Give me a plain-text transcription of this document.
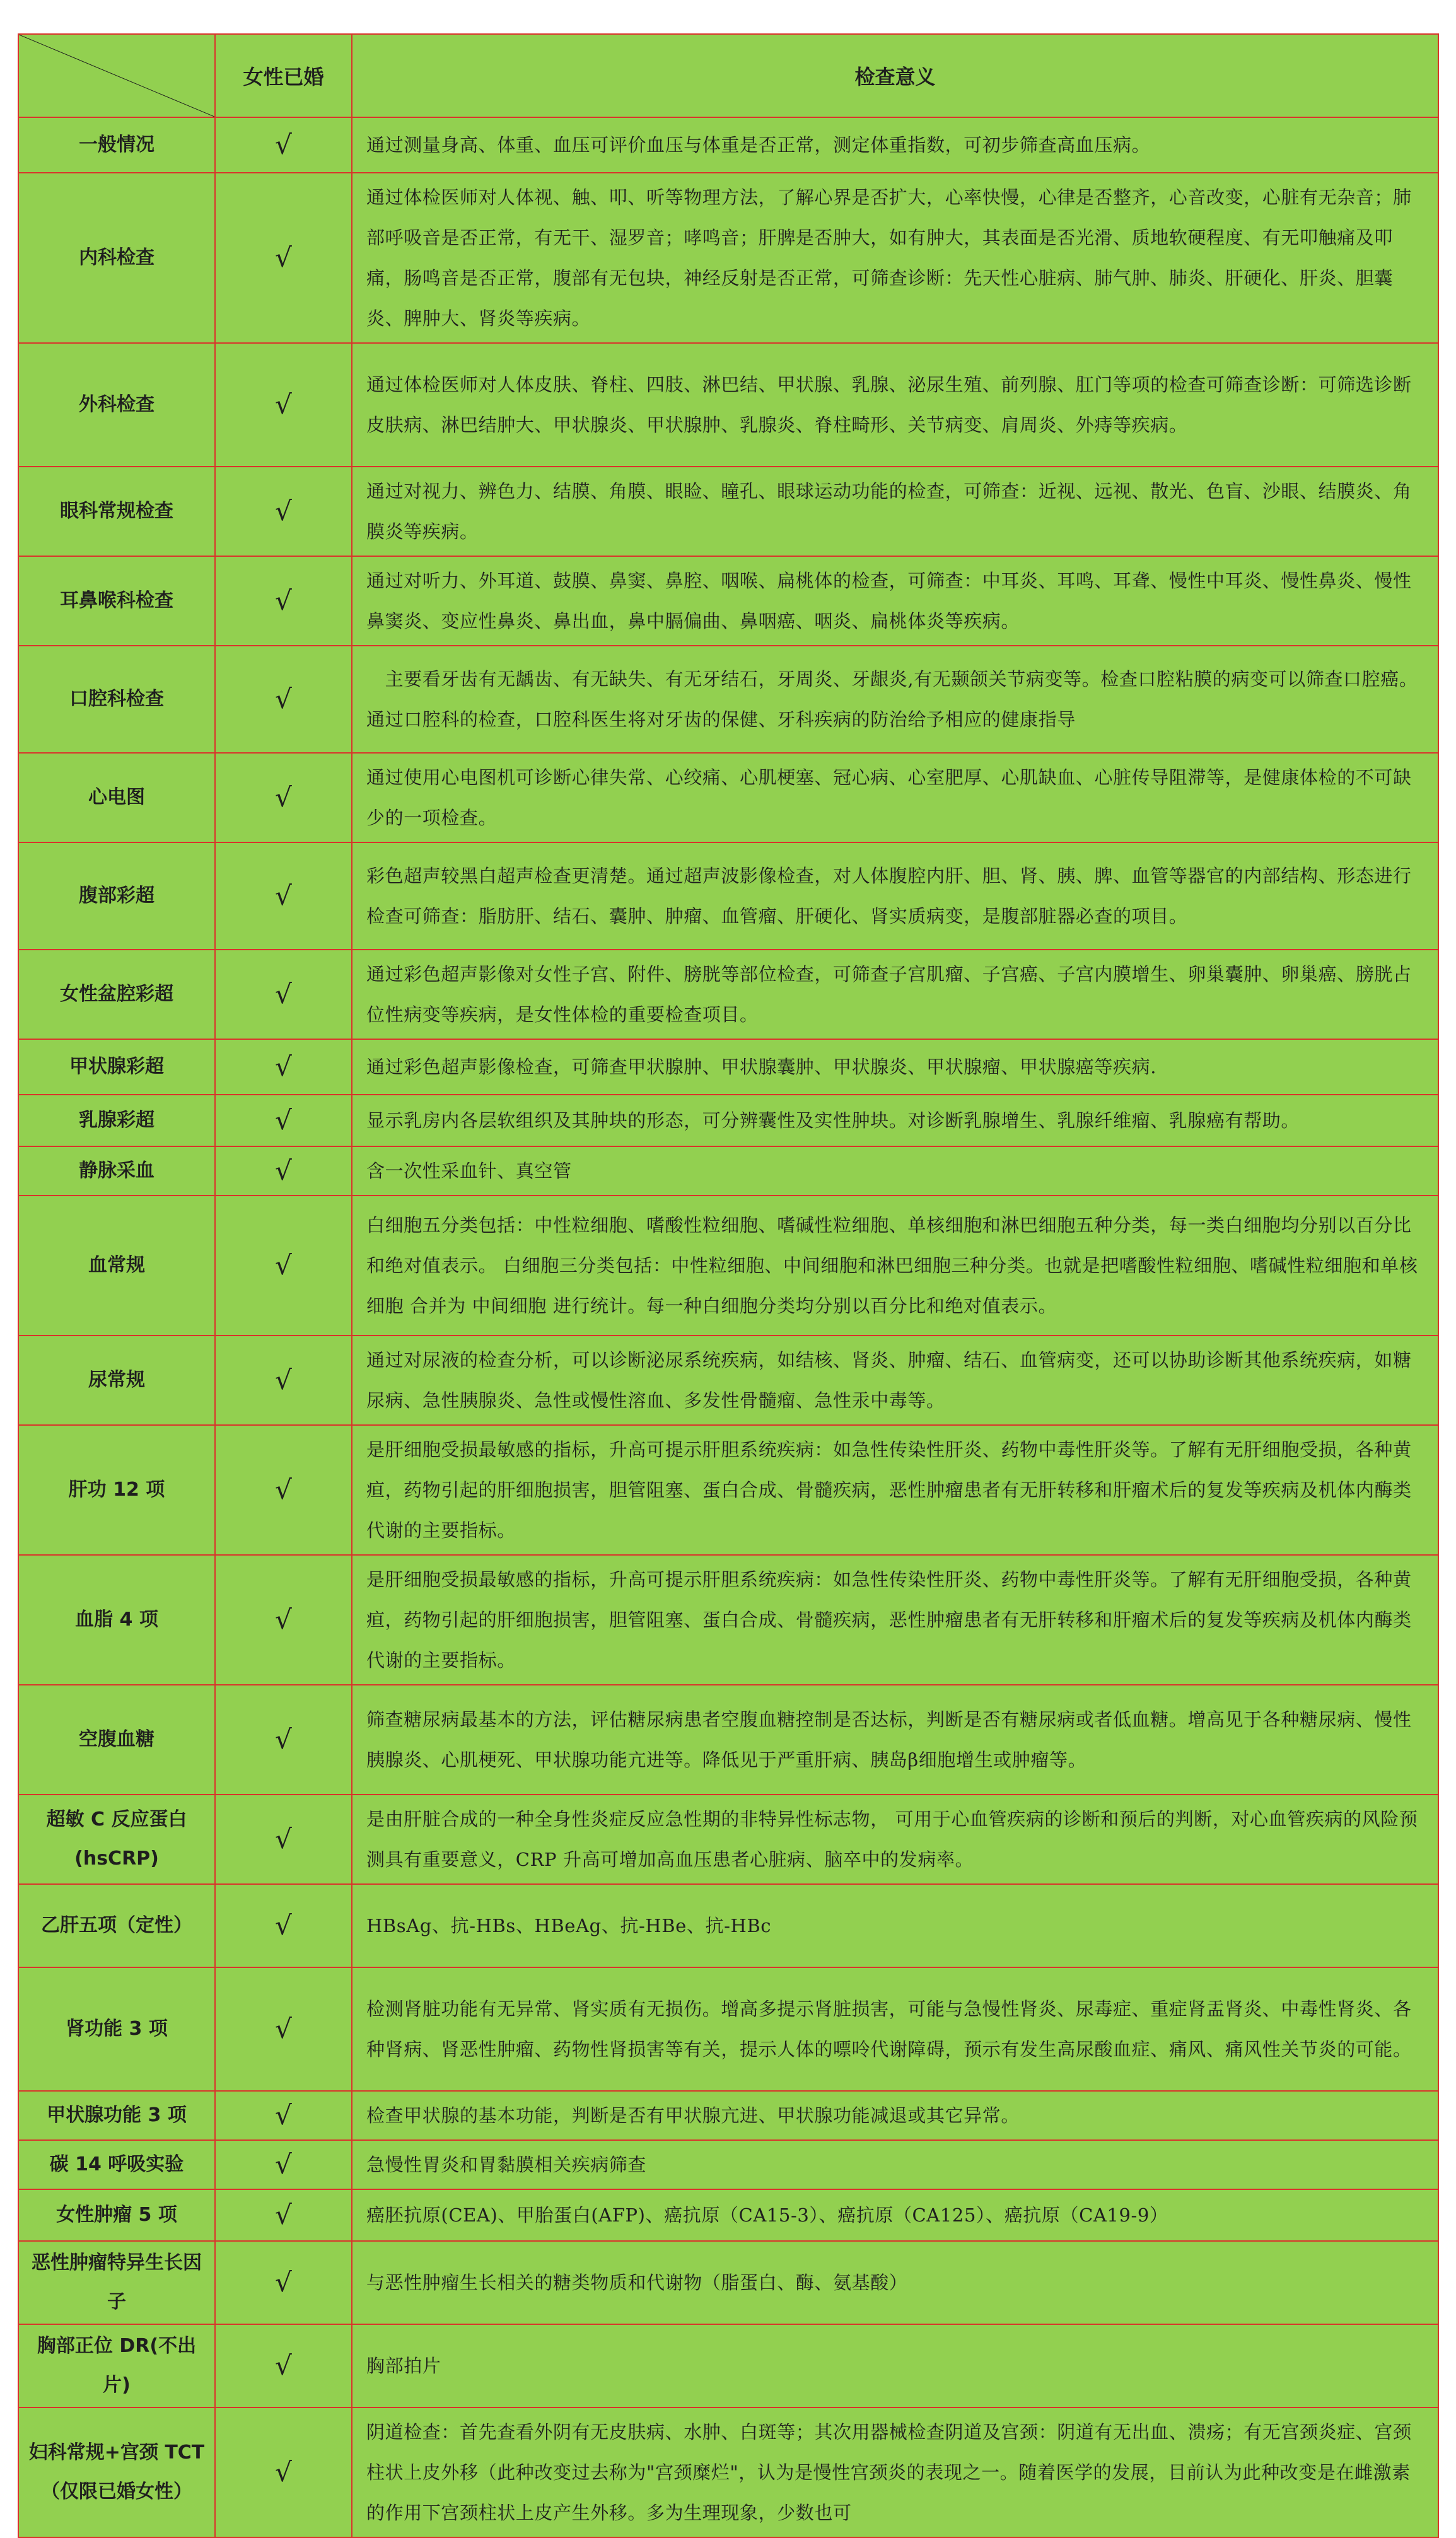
	女性已婚	检查意义
一般情况	√	通过测量身高、体重、血压可评价血压与体重是否正常，测定体重指数，可初步筛查高血压病。
内科检查	√	通过体检医师对人体视、触、叩、听等物理方法，了解心界是否扩大，心率快慢，心律是否整齐，心音改变，心脏有无杂音；肺部呼吸音是否正常，有无干、湿罗音；哮鸣音；肝脾是否肿大，如有肿大，其表面是否光滑、质地软硬程度、有无叩触痛及叩痛，肠鸣音是否正常，腹部有无包块，神经反射是否正常，可筛查诊断：先天性心脏病、肺气肿、肺炎、肝硬化、肝炎、胆囊炎、脾肿大、肾炎等疾病。
外科检查	√	通过体检医师对人体皮肤、脊柱、四肢、淋巴结、甲状腺、乳腺、泌尿生殖、前列腺、肛门等项的检查可筛查诊断：可筛选诊断皮肤病、淋巴结肿大、甲状腺炎、甲状腺肿、乳腺炎、脊柱畸形、关节病变、肩周炎、外痔等疾病。
眼科常规检查	√	通过对视力、辨色力、结膜、角膜、眼睑、瞳孔、眼球运动功能的检查，可筛查：近视、远视、散光、色盲、沙眼、结膜炎、角膜炎等疾病。
耳鼻喉科检查	√	通过对听力、外耳道、鼓膜、鼻窦、鼻腔、咽喉、扁桃体的检查，可筛查：中耳炎、耳鸣、耳聋、慢性中耳炎、慢性鼻炎、慢性鼻窦炎、变应性鼻炎、鼻出血，鼻中膈偏曲、鼻咽癌、咽炎、扁桃体炎等疾病。
口腔科检查	√	　主要看牙齿有无龋齿、有无缺失、有无牙结石，牙周炎、牙龈炎,有无颞颌关节病变等。检查口腔粘膜的病变可以筛查口腔癌。通过口腔科的检查，口腔科医生将对牙齿的保健、牙科疾病的防治给予相应的健康指导
心电图	√	通过使用心电图机可诊断心律失常、心绞痛、心肌梗塞、冠心病、心室肥厚、心肌缺血、心脏传导阻滞等，是健康体检的不可缺少的一项检查。
腹部彩超	√	彩色超声较黑白超声检查更清楚。通过超声波影像检查，对人体腹腔内肝、胆、肾、胰、脾、血管等器官的内部结构、形态进行检查可筛查：脂肪肝、结石、囊肿、肿瘤、血管瘤、肝硬化、肾实质病变，是腹部脏器必查的项目。
女性盆腔彩超	√	通过彩色超声影像对女性子宫、附件、膀胱等部位检查，可筛查子宫肌瘤、子宫癌、子宫内膜增生、卵巢囊肿、卵巢癌、膀胱占位性病变等疾病，是女性体检的重要检查项目。
甲状腺彩超	√	通过彩色超声影像检查，可筛查甲状腺肿、甲状腺囊肿、甲状腺炎、甲状腺瘤、甲状腺癌等疾病.
乳腺彩超	√	显示乳房内各层软组织及其肿块的形态，可分辨囊性及实性肿块。对诊断乳腺增生、乳腺纤维瘤、乳腺癌有帮助。
静脉采血	√	含一次性采血针、真空管
血常规	√	白细胞五分类包括：中性粒细胞、嗜酸性粒细胞、嗜碱性粒细胞、单核细胞和淋巴细胞五种分类，每一类白细胞均分别以百分比和绝对值表示。 白细胞三分类包括：中性粒细胞、中间细胞和淋巴细胞三种分类。也就是把嗜酸性粒细胞、嗜碱性粒细胞和单核细胞 合并为 中间细胞 进行统计。每一种白细胞分类均分别以百分比和绝对值表示。
尿常规	√	通过对尿液的检查分析，可以诊断泌尿系统疾病，如结核、肾炎、肿瘤、结石、血管病变，还可以协助诊断其他系统疾病，如糖尿病、急性胰腺炎、急性或慢性溶血、多发性骨髓瘤、急性汞中毒等。
肝功 12 项	√	是肝细胞受损最敏感的指标，升高可提示肝胆系统疾病：如急性传染性肝炎、药物中毒性肝炎等。了解有无肝细胞受损，各种黄疸，药物引起的肝细胞损害，胆管阻塞、蛋白合成、骨髓疾病，恶性肿瘤患者有无肝转移和肝瘤术后的复发等疾病及机体内酶类代谢的主要指标。
血脂 4 项	√	是肝细胞受损最敏感的指标，升高可提示肝胆系统疾病：如急性传染性肝炎、药物中毒性肝炎等。了解有无肝细胞受损，各种黄疸，药物引起的肝细胞损害，胆管阻塞、蛋白合成、骨髓疾病，恶性肿瘤患者有无肝转移和肝瘤术后的复发等疾病及机体内酶类代谢的主要指标。
空腹血糖	√	筛查糖尿病最基本的方法，评估糖尿病患者空腹血糖控制是否达标，判断是否有糖尿病或者低血糖。增高见于各种糖尿病、慢性胰腺炎、心肌梗死、甲状腺功能亢进等。降低见于严重肝病、胰岛β细胞增生或肿瘤等。
超敏 C 反应蛋白(hsCRP)	√	是由肝脏合成的一种全身性炎症反应急性期的非特异性标志物， 可用于心血管疾病的诊断和预后的判断，对心血管疾病的风险预测具有重要意义，CRP 升高可增加高血压患者心脏病、脑卒中的发病率。
乙肝五项（定性）	√	HBsAg、抗-HBs、HBeAg、抗-HBe、抗-HBc
肾功能 3 项	√	检测肾脏功能有无异常、肾实质有无损伤。增高多提示肾脏损害，可能与急慢性肾炎、尿毒症、重症肾盂肾炎、中毒性肾炎、各种肾病、肾恶性肿瘤、药物性肾损害等有关，提示人体的嘌呤代谢障碍，预示有发生高尿酸血症、痛风、痛风性关节炎的可能。
甲状腺功能 3 项	√	检查甲状腺的基本功能，判断是否有甲状腺亢进、甲状腺功能减退或其它异常。
碳 14 呼吸实验	√	急慢性胃炎和胃黏膜相关疾病筛查
女性肿瘤 5 项	√	癌胚抗原(CEA)、甲胎蛋白(AFP)、癌抗原（CA15-3）、癌抗原（CA125）、癌抗原（CA19-9）
恶性肿瘤特异生长因子	√	与恶性肿瘤生长相关的糖类物质和代谢物（脂蛋白、酶、氨基酸）
胸部正位 DR(不出片)	√	胸部拍片
妇科常规+宫颈 TCT（仅限已婚女性）	√	阴道检查：首先查看外阴有无皮肤病、水肿、白斑等；其次用器械检查阴道及宫颈：阴道有无出血、溃疡；有无宫颈炎症、宫颈柱状上皮外移（此种改变过去称为"宫颈糜烂"，认为是慢性宫颈炎的表现之一。随着医学的发展，目前认为此种改变是在雌激素的作用下宫颈柱状上皮产生外移。多为生理现象，少数也可
